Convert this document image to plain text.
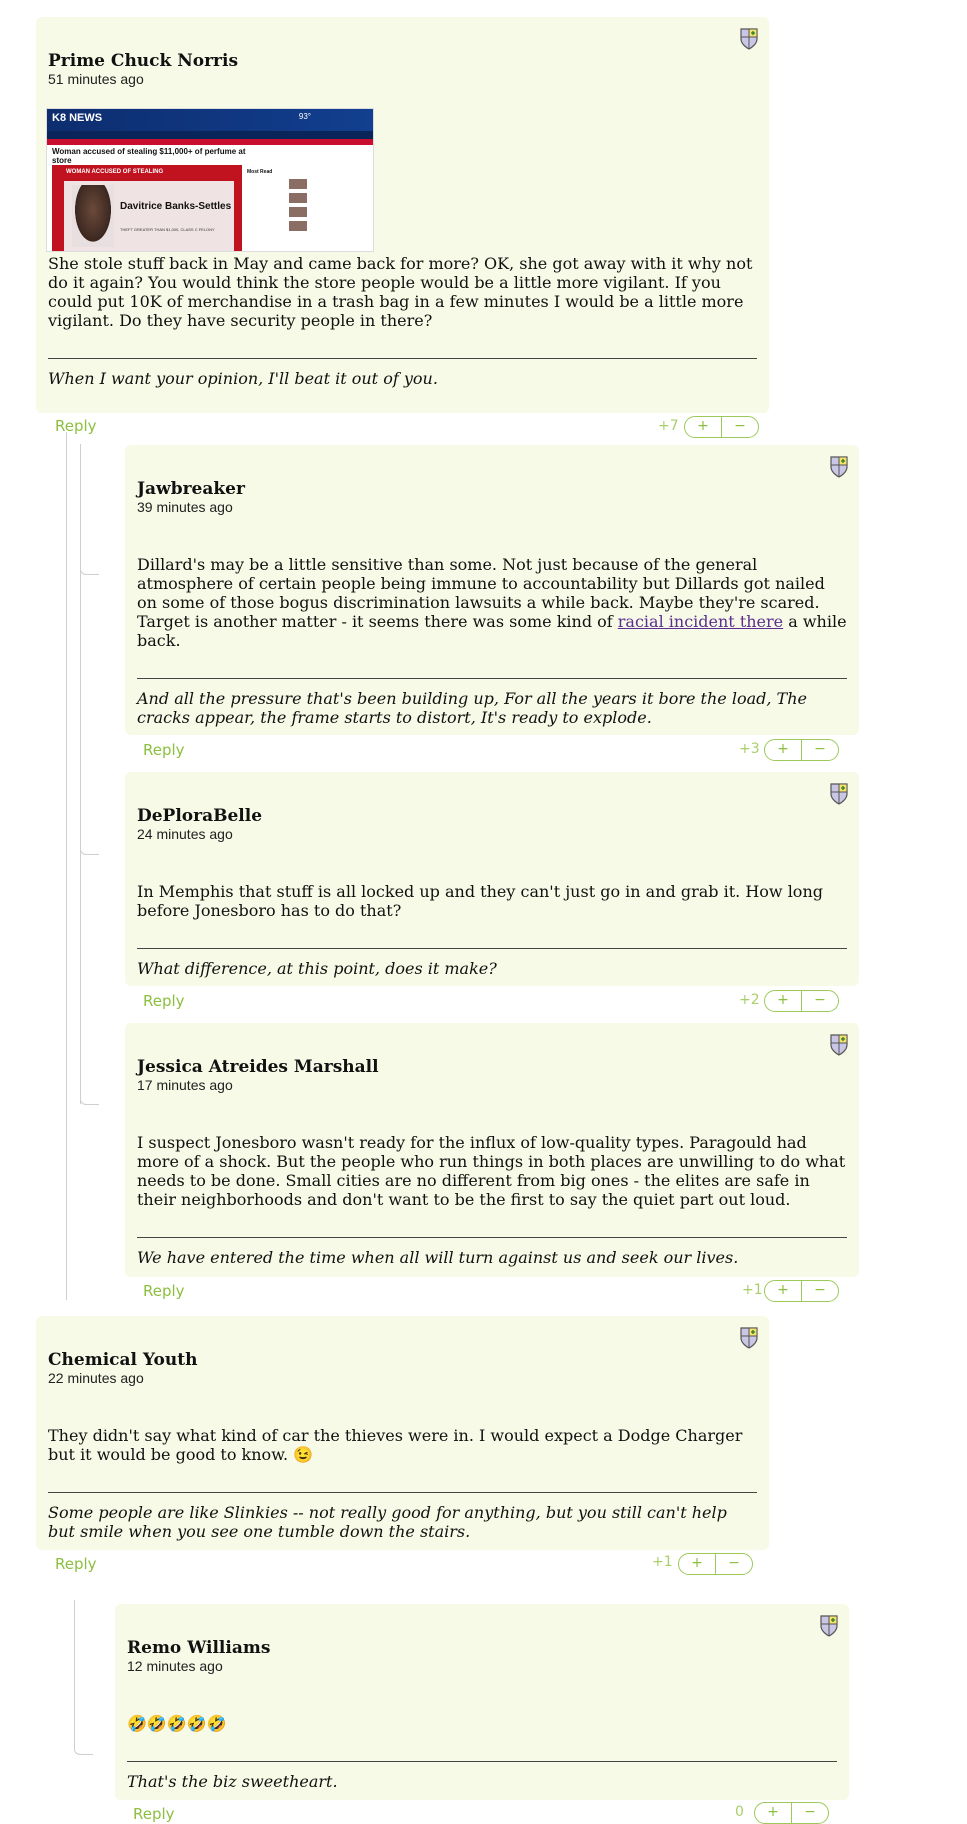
Prime Chuck Norris
51 minutes ago
K8 NEWS	93°
Woman accused of stealing $11,000+ of perfume at store
WOMAN ACCUSED OF STEALING
Davitrice Banks-Settles
THEFT GREATER THAN $1,000, CLASS C FELONY
Most Read
She stole stuff back in May and came back for more? OK, she got away with it why not do it again? You would think the store people would be a little more vigilant. If you could put 10K of merchandise in a trash bag in a few minutes I would be a little more vigilant. Do they have security people in there?
When I want your opinion, I'll beat it out of you.
Reply	+7	+	−
Jawbreaker
39 minutes ago
Dillard's may be a little sensitive than some. Not just because of the general atmosphere of certain people being immune to accountability but Dillards got nailed on some of those bogus discrimination lawsuits a while back. Maybe they're scared. Target is another matter - it seems there was some kind of racial incident there a while back.
And all the pressure that's been building up, For all the years it bore the load, The cracks appear, the frame starts to distort, It's ready to explode.
Reply	+3	+	−
DePloraBelle
24 minutes ago
In Memphis that stuff is all locked up and they can't just go in and grab it. How long before Jonesboro has to do that?
What difference, at this point, does it make?
Reply	+2	+	−
Jessica Atreides Marshall
17 minutes ago
I suspect Jonesboro wasn't ready for the influx of low-quality types. Paragould had more of a shock. But the people who run things in both places are unwilling to do what needs to be done. Small cities are no different from big ones - the elites are safe in their neighborhoods and don't want to be the first to say the quiet part out loud.
We have entered the time when all will turn against us and seek our lives.
Reply	+1	+	−
Chemical Youth
22 minutes ago
They didn't say what kind of car the thieves were in. I would expect a Dodge Charger but it would be good to know. 😉
Some people are like Slinkies -- not really good for anything, but you still can't help but smile when you see one tumble down the stairs.
Reply	+1	+	−
Remo Williams
12 minutes ago
🤣🤣🤣🤣🤣
That's the biz sweetheart.
Reply	0	+	−
